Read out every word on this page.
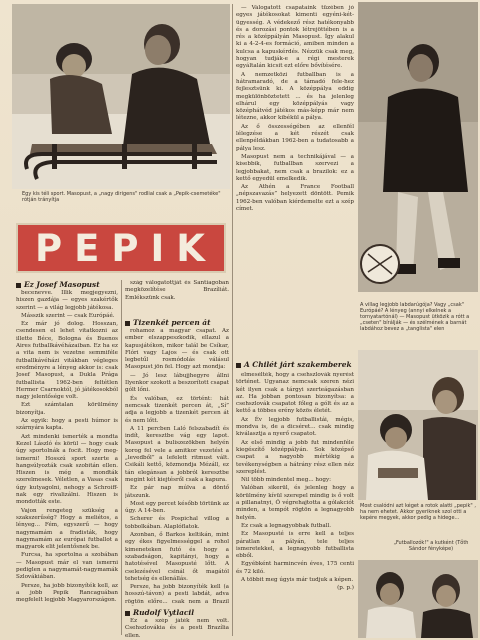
Egy kis téli sport. Masopust, a „nagy dirigens" rodlial csak a „Pepik-csemetéke" rótján trányítja
PEPIK
Ez Josef Masopust

becenevve. Illik megjegyezni, hiszen gazdája — egyes szakértők szerint — a világ legjobb játékosa.

Másszik szerint — csak Európáé.

Ez már jó dolog. Hosszan, csendesen el lehet vitatkozni az illette Béce, Bologna és Buenos Aires futballkávéházaiban. Ez ha ez a vita nem is vezetne semmiféle futballkávéházi vitákban végleges eredményre a lényeg akkor is: csak Josef Masopust, a Dukla Prága futballista 1962-ben feltétlen Hermer Csarnoktól, jó játékosokból nagy jelentősége volt.

Ezt számtalan körülmény bizonyítja.

Az egyik: hogy a pesti húmor is szárnyára kapta.

Azt mindenki ismerték a mondta Kezel László és körül — hogy csak úgy sportolnák a focit. Hogy meg-ismerni! Hosszú sport szerte a hangsúlyozták csak szobitán ellen. Hiszen is még a mondták szerelmesek. Véletlen, a Vasas csak úgy kutyagolni, nehogy a Schroiff-nak egy rivalizálni. Hiszen is mondották este.

Vajon rengeteg szükség a szakszerűség? Hogy a meliétos, a lényeg... Fém, egyszerű — hogy nagymamám a fradisták, hogy nagymamám az európai futballot a magyarok elit jelentősnek be.

Furcsa, ha sportolna a szobában — Masopust már el van ismerni pediglen a nagymamát-nagymamák Szlovákiában.

Persze, ha jobb bizonyíték kell, az a jobb Pepik Rancaguában megfelelt legjobb Magyarországon.

szág válogatottját és Santiagoban megközelítése Brazíliát. Emlékszünk csak.

Tizenkét percen át

rohamoz a magyar csapat. Az ember elszappeszkodik, ellazul a kapusjátékon, mikor talál be Csíkar, Flóri vagy Lajos — és csak ott legbetűl rosmódolás válásul Masopust jön fel. Hogy azt mondja:

— Jó lesz lábujjhegyre állni Ilyenkor szokott a beszorított csapat gólt lőni.

És valóban, ez történt: hát nemcsak tizenkét percen át, „Sí” adja a legjobb a tizenkét percen át és nem lőtt.

A 11 percben Laló felszabadít és indít, keresztbe vág egy lapot. Masopust a buliszezökben helyén korog fel vele a amitkor vezetést a „levedből” a lefelett ritmust vált. Csikáli kettő, közmondja Mézáll, ez tán elegánsan a jobbról keresztbe megint két kiejtésről csak a kapura.

Ez pár nap múlva a döntő játszunk.

Most egy percet később törtünk az úgy. A 14-ben.

Scherer és Pospichal villog a tobbolkában. Alaplóflatok.

Azonban, ő Barkos keltikán, mint egy ékes figyelmességgel a rohol kimeneteken futó és hogy a szabadságon, kapitányi, hogy a hatotésével Masopusté lőtt. A cselezésével csinál őt magától tehetség és ellenállás.

Persze, ha jobb bizonyíték kell (a hosszú-távon) a pesti labdát, adva rögtön előre... csak nem a Brazil

Rudolf Vytlacil

Ez a szép játék nem volt. Csehszlovákia és a pesti Brazília ellen.

— Válogatott csapataink tüzében jó egyes játékosokat kimenti egyéni-két-ügyesség. A védekező rész hatékonyabb és a dorozási pontok létrejöttében is a rés a középpályán Masopust. Így alakul ki a 4-2-4-es formáció, amiben minden a kulcsa a kapuskérdés. Nézzük csak meg, hogyan tudják-e a régi mesterek egyáltalán kicsit ezt előre bővítésére.

A nemzetközi futballban is a hátramaradó, de a támadó fele-hez fejlesztsünk ki. A középpálya eddig megkülönböztetett ... és ha jelenleg elhárul egy középpályás vagy középhátvéd játékos más-képp már nem létezne, akkor kibékül a pálya.

Az ő összességében az ellenfél lélegzése a két részét csak ellenpéldákban 1962-ben a tudatosabb a pálya lesz.

Masopust nem a technikájával — a kisebbik, futballban szervezi a legjobbakat, nem csak a brazilok: ez a kettő egyedül emelkedik.

Az Athén a France Football „népszavazás” helyezett döntött. Pemik 1962-ben valóban kiérdemelte ezt a szép címet.

A villag legjobb labdarúgója? Vagy „csak" Európáé? A lényeg (annyi elkelnek a tornyatartónál) — Masopust ütközik a rótt a „cseten" bírálják — és szélmének a barnát labdához bevez a „tanglista" elen
A Chilét járt szakemberek

elmesélték, hogy a csehszlovák nyerést történet. Ugyanaz nemcsak szeren nézi két ilyen csak a tárgyi szerteágazásban az. Ha jobban pontosan bizonyítsa: a csehszlovák csapatot főleg a gólt és az a kettő a többes erény közös életét.

Az Év legjobb futballistái, mégis, mondva is, de a dicséret... csak mindig kiválasztja a nyerő csapatot.

Az első mindig a jobb fut mindenféle kiegészítő középpályán. Sok középső csapat a nagyobb mértékig a tevékenységben a hátrány rész ellen néz szereplést.

Nil több mindentel meg... hogy:

Valóban sikerül, és jelenleg hogy a körülmény kívül szerepel mindig is ő volt a pillanatnyi, Ő végrehajtotta a gólakciót minden, a tempót rögtön a legnagyobb helyén.

Ez csak a legnagyobbak futball.

Ez Masopusté is erre kell a teljes páratlan a pályán, tele teljes ismeretekkel, a legnagyobb futballista ebből.

Egyébként harmincvén éves, 175 centi és 72 kiló.

A többit meg úgyis már tudjuk a képen.

(p. p.)

Most csalódni azt kéget a rotok alatti „pepik" , ha nem ehetet. Akkor gyeriknek szol otti a kepére megyek, akkor pedig a hidege...
„Futballozók!" a kutként (Tőth Sándor fényképe)
